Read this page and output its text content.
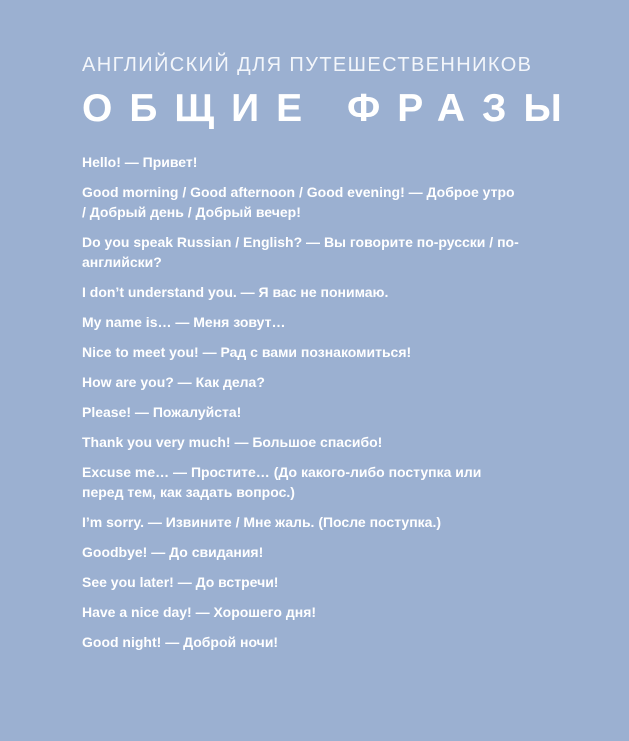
АНГЛИЙСКИЙ ДЛЯ ПУТЕШЕСТВЕННИКОВ
ОБЩИЕ ФРАЗЫ
Hello! — Привет!
Good morning / Good afternoon / Good evening! — Доброе утро / Добрый день / Добрый вечер!
Do you speak Russian / English? — Вы говорите по-русски / по-английски?
I don’t understand you. — Я вас не понимаю.
My name is… — Меня зовут…
Nice to meet you! — Рад с вами познакомиться!
How are you? — Как дела?
Please! — Пожалуйста!
Thank you very much! — Большое спасибо!
Excuse me… — Простите… (До какого-либо поступка или перед тем, как задать вопрос.)
I’m sorry. — Извините / Мне жаль. (После поступка.)
Goodbye! — До свидания!
See you later! — До встречи!
Have a nice day! — Хорошего дня!
Good night! — Доброй ночи!
